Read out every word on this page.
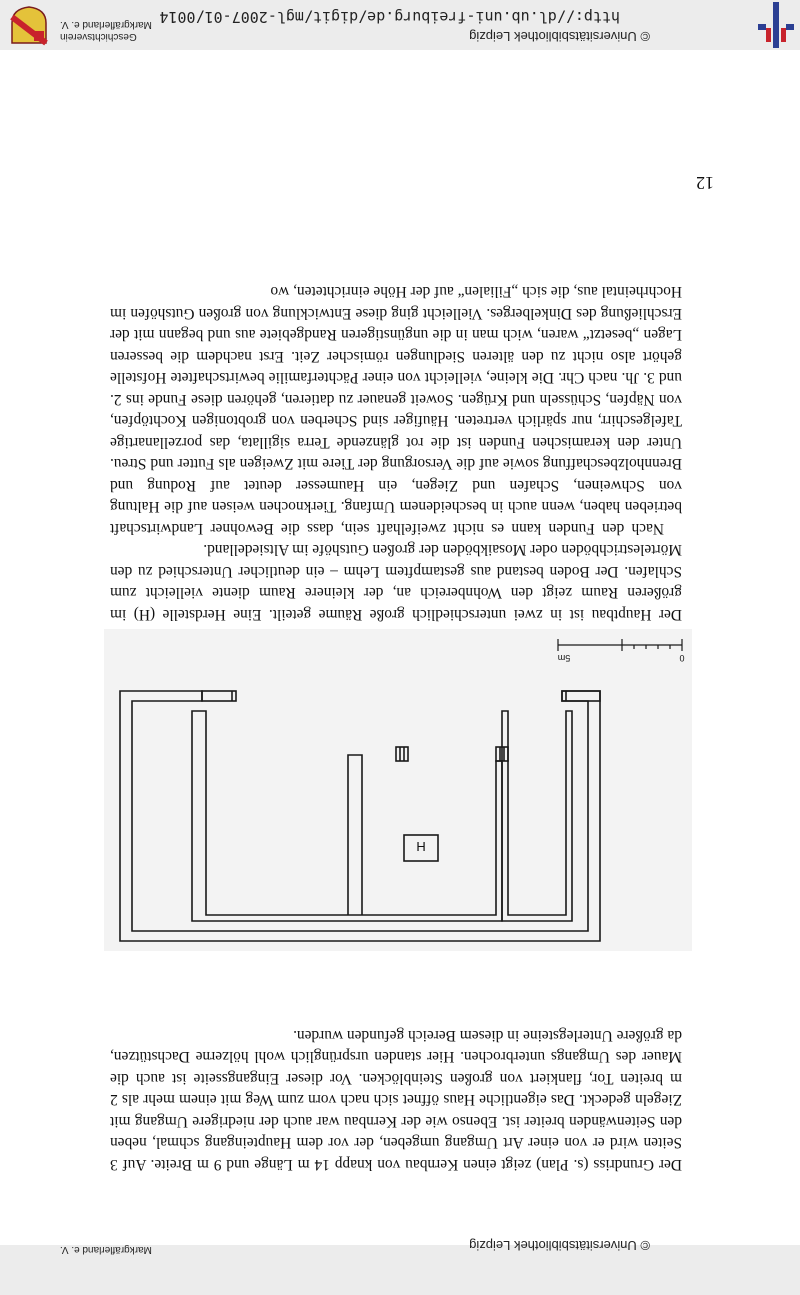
© Universitätsbibliothek Leipzig
Markgräflerland e. V.

Der Grundriss (s. Plan) zeigt einen Kernbau von knapp 14 m Länge und 9 m Breite. Auf 3 Seiten wird er von einer Art Umgang umgeben, der vor dem Haupteingang schmal, neben den Seitenwänden breiter ist. Ebenso wie der Kernbau war auch der niedrigere Umgang mit Ziegeln gedeckt. Das eigentliche Haus öffnet sich nach vorn zum Weg mit einem mehr als 2 m breiten Tor, flankiert von großen Steinblöcken. Vor dieser Eingangsseite ist auch die Mauer des Umgangs unterbrochen. Hier standen ursprünglich wohl hölzerne Dachstützen, da größere Unterlegsteine in diesem Bereich gefunden wurden.

H
0
5m

Der Hauptbau ist in zwei unterschiedlich große Räume geteilt. Eine Herdstelle (H) im größeren Raum zeigt den Wohnbereich an, der kleinere Raum diente vielleicht zum Schlafen. Der Boden bestand aus gestampftem Lehm – ein deutlicher Unterschied zu den Mörtelestrichböden oder Mosaikböden der großen Gutshöfe im Altsiedelland.

Nach den Funden kann es nicht zweifelhaft sein, dass die Bewohner Landwirtschaft betrieben haben, wenn auch in bescheidenem Umfang. Tierknochen weisen auf die Haltung von Schweinen, Schafen und Ziegen, ein Haumesser deutet auf Rodung und Brennholzbeschaffung sowie auf die Versorgung der Tiere mit Zweigen als Futter und Streu. Unter den keramischen Funden ist die rot glänzende Terra sigillata, das porzellanartige Tafelgeschirr, nur spärlich vertreten. Häufiger sind Scherben von grobtonigen Kochtöpfen, von Näpfen, Schüsseln und Krügen. Soweit genauer zu datieren, gehören diese Funde ins 2. und 3. Jh. nach Chr. Die kleine, vielleicht von einer Pächterfamilie bewirtschaftete Hofstelle gehört also nicht zu den älteren Siedlungen römischer Zeit. Erst nachdem die besseren Lagen „besetzt“ waren, wich man in die ungünstigeren Randgebiete aus und begann mit der Erschließung des Dinkelberges. Vielleicht ging diese Entwicklung von großen Gutshöfen im Hochrheintal aus, die sich „Filialen“ auf der Höhe einrichteten, wo

12
© Universitätsbibliothek Leipzig
http://dl.ub.uni-freiburg.de/digit/mgl-2007-01/0014
Geschichtsverein
Markgräflerland e. V.
